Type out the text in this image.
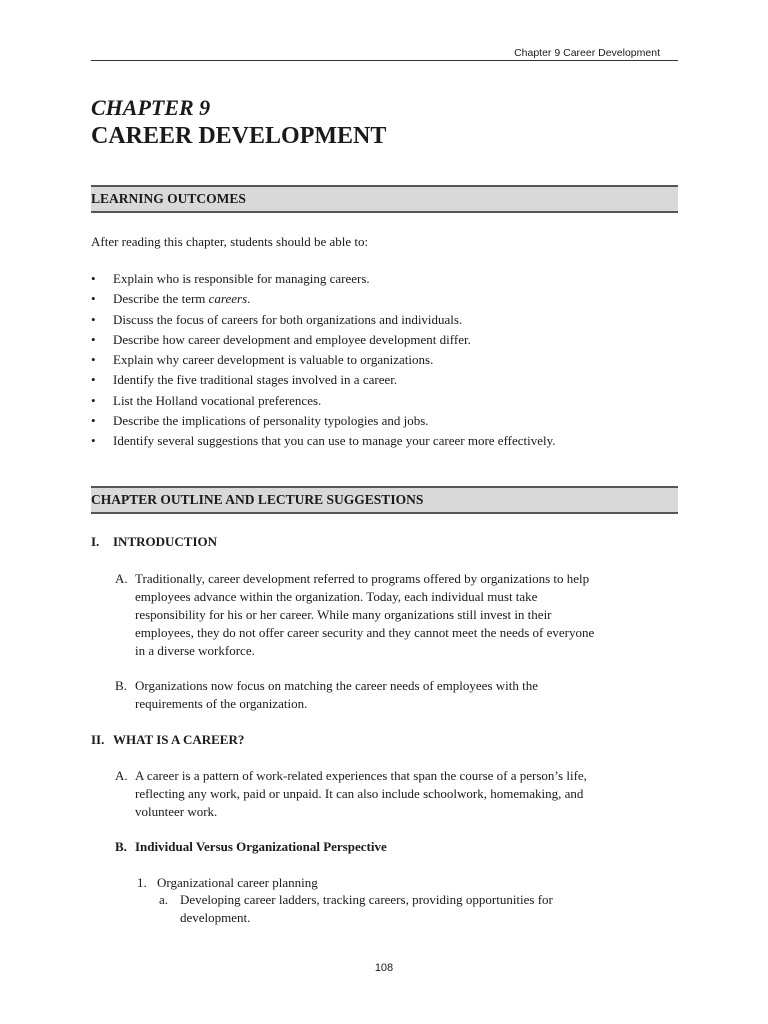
Chapter 9 Career Development
CHAPTER 9
CAREER DEVELOPMENT
LEARNING OUTCOMES
After reading this chapter, students should be able to:
• Explain who is responsible for managing careers.
• Describe the term careers.
• Discuss the focus of careers for both organizations and individuals.
• Describe how career development and employee development differ.
• Explain why career development is valuable to organizations.
• Identify the five traditional stages involved in a career.
• List the Holland vocational preferences.
• Describe the implications of personality typologies and jobs.
• Identify several suggestions that you can use to manage your career more effectively.
CHAPTER OUTLINE AND LECTURE SUGGESTIONS
I. INTRODUCTION
A. Traditionally, career development referred to programs offered by organizations to help
employees advance within the organization. Today, each individual must take
responsibility for his or her career. While many organizations still invest in their
employees, they do not offer career security and they cannot meet the needs of everyone
in a diverse workforce.
B. Organizations now focus on matching the career needs of employees with the
requirements of the organization.
II. WHAT IS A CAREER?
A. A career is a pattern of work-related experiences that span the course of a person’s life,
reflecting any work, paid or unpaid. It can also include schoolwork, homemaking, and
volunteer work.
B. Individual Versus Organizational Perspective
1. Organizational career planning
a. Developing career ladders, tracking careers, providing opportunities for
development.
108
